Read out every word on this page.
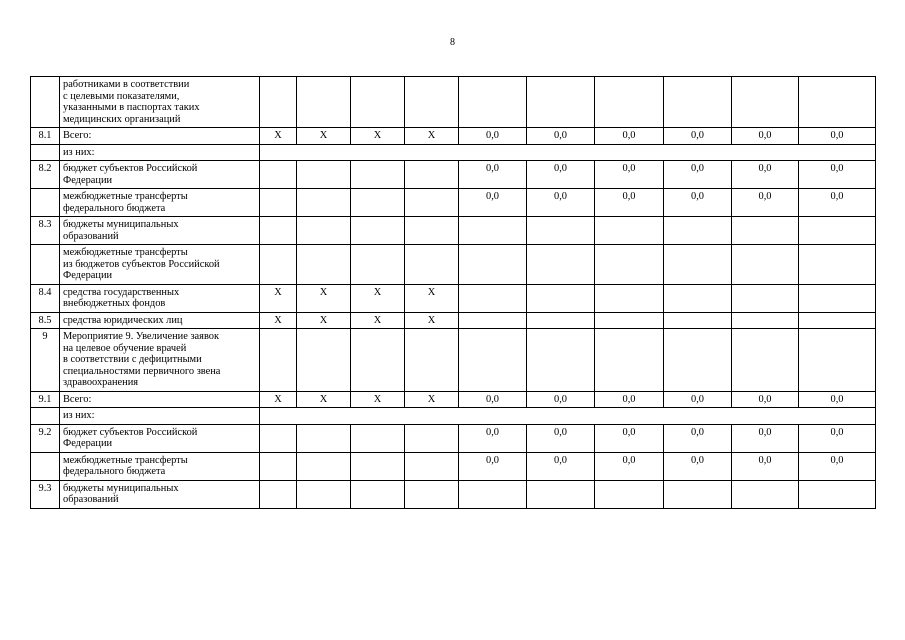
8
	работниками в соответствии
с целевыми показателями,
указанными в паспортах таких
медицинских организаций										
8.1	Всего:	Х	Х	Х	Х	0,0	0,0	0,0	0,0	0,0	0,0
	из них:										
8.2	бюджет субъектов Российской
Федерации					0,0	0,0	0,0	0,0	0,0	0,0
	межбюджетные трансферты
федерального бюджета					0,0	0,0	0,0	0,0	0,0	0,0
8.3	бюджеты муниципальных
образований										
	межбюджетные трансферты
из бюджетов субъектов Российской
Федерации										
8.4	средства государственных
внебюджетных фондов	Х	Х	Х	Х						
8.5	средства юридических лиц	Х	Х	Х	Х						
9	Мероприятие 9. Увеличение заявок
на целевое обучение врачей
в соответствии с дефицитными
специальностями первичного звена
здравоохранения										
9.1	Всего:	Х	Х	Х	Х	0,0	0,0	0,0	0,0	0,0	0,0
	из них:										
9.2	бюджет субъектов Российской
Федерации					0,0	0,0	0,0	0,0	0,0	0,0
	межбюджетные трансферты
федерального бюджета					0,0	0,0	0,0	0,0	0,0	0,0
9.3	бюджеты муниципальных
образований										
